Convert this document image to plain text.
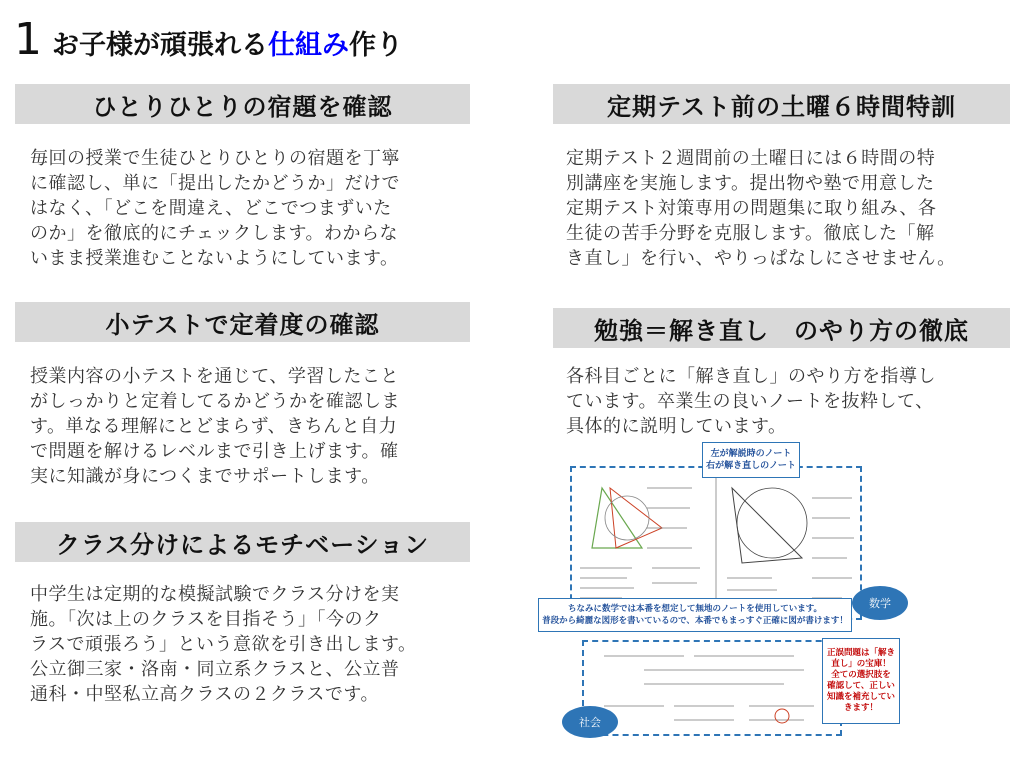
1 お子様が頑張れる 仕組み 作り
ひとりひとりの宿題を確認
毎回の授業で生徒ひとりひとりの宿題を丁寧
に確認し、単に「提出したかどうか」だけで
はなく、「どこを間違え、どこでつまずいた
のか」を徹底的にチェックします。わからな
いまま授業進むことないようにしています。
小テストで定着度の確認
授業内容の小テストを通じて、学習したこと
がしっかりと定着してるかどうかを確認しま
す。単なる理解にとどまらず、きちんと自力
で問題を解けるレベルまで引き上げます。確
実に知識が身につくまでサポートします。
クラス分けによるモチベーション
中学生は定期的な模擬試験でクラス分けを実
施。「次は上のクラスを目指そう」「今のク
ラスで頑張ろう」という意欲を引き出します。
公立御三家・洛南・同立系クラスと、公立普
通科・中堅私立高クラスの２クラスです。
定期テスト前の土曜６時間特訓
定期テスト２週間前の土曜日には６時間の特
別講座を実施します。提出物や塾で用意した
定期テスト対策専用の問題集に取り組み、各
生徒の苦手分野を克服します。徹底した「解
き直し」を行い、やりっぱなしにさせません。
勉強＝解き直し　のやり方の徹底
各科目ごとに「解き直し」のやり方を指導し
ています。卒業生の良いノートを抜粋して、
具体的に説明しています。
左が解説時のノート
右が解き直しのノート
ちなみに数学では本番を想定して無地のノートを使用しています。
普段から綺麗な図形を書いているので、本番でもまっすぐ正確に図が書けます！
正誤問題は「解き
直し」の宝庫！
全ての選択肢を
確認して、正しい
知識を補充してい
きます！
数学
社会
